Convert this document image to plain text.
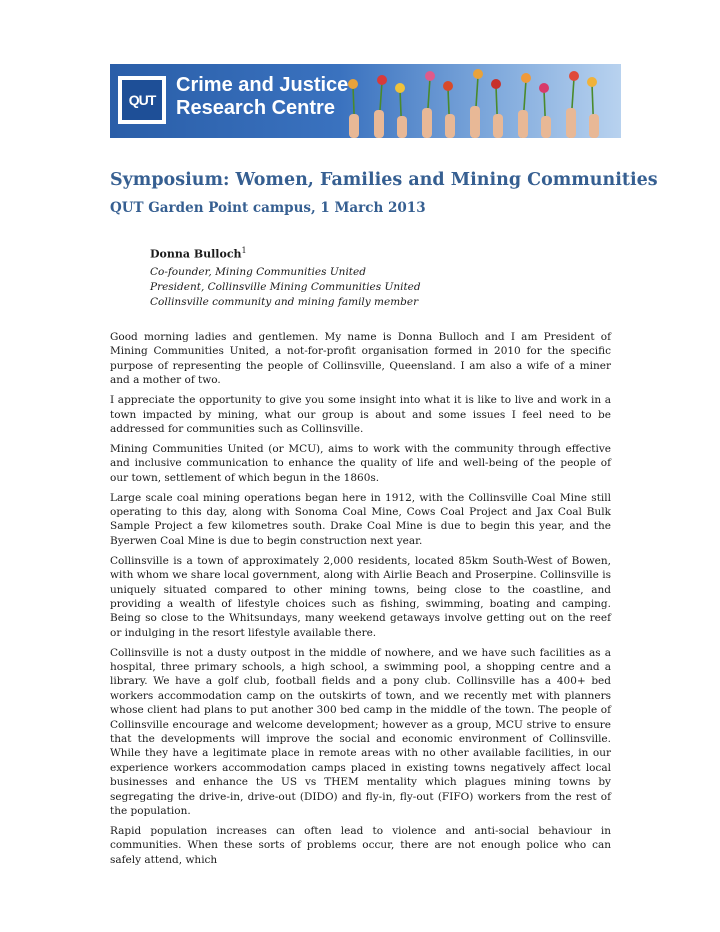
QUT
Crime and Justice
Research Centre
Symposium: Women, Families and Mining Communities
QUT Garden Point campus, 1 March 2013
Donna Bulloch$^1$
Co-founder, Mining Communities United
President, Collinsville Mining Communities United
Collinsville community and mining family member

Good morning ladies and gentlemen. My name is Donna Bulloch and I am President of Mining Communities United, a not-for-profit organisation formed in 2010 for the specific purpose of representing the people of Collinsville, Queensland. I am also a wife of a miner and a mother of two.

I appreciate the opportunity to give you some insight into what it is like to live and work in a town impacted by mining, what our group is about and some issues I feel need to be addressed for communities such as Collinsville.

Mining Communities United (or MCU), aims to work with the community through effective and inclusive communication to enhance the quality of life and well-being of the people of our town, settlement of which begun in the 1860s.

Large scale coal mining operations began here in 1912, with the Collinsville Coal Mine still operating to this day, along with Sonoma Coal Mine, Cows Coal Project and Jax Coal Bulk Sample Project a few kilometres south. Drake Coal Mine is due to begin this year, and the Byerwen Coal Mine is due to begin construction next year.

Collinsville is a town of approximately 2,000 residents, located 85km South-West of Bowen, with whom we share local government, along with Airlie Beach and Proserpine. Collinsville is uniquely situated compared to other mining towns, being close to the coastline, and providing a wealth of lifestyle choices such as fishing, swimming, boating and camping. Being so close to the Whitsundays, many weekend getaways involve getting out on the reef or indulging in the resort lifestyle available there.

Collinsville is not a dusty outpost in the middle of nowhere, and we have such facilities as a hospital, three primary schools, a high school, a swimming pool, a shopping centre and a library. We have a golf club, football fields and a pony club. Collinsville has a 400+ bed workers accommodation camp on the outskirts of town, and we recently met with planners whose client had plans to put another 300 bed camp in the middle of the town. The people of Collinsville encourage and welcome development; however as a group, MCU strive to ensure that the developments will improve the social and economic environment of Collinsville. While they have a legitimate place in remote areas with no other available facilities, in our experience workers accommodation camps placed in existing towns negatively affect local businesses and enhance the US vs THEM mentality which plagues mining towns by segregating the drive-in, drive-out (DIDO) and fly-in, fly-out (FIFO) workers from the rest of the population.

Rapid population increases can often lead to violence and anti-social behaviour in communities. When these sorts of problems occur, there are not enough police who can safely attend, which
